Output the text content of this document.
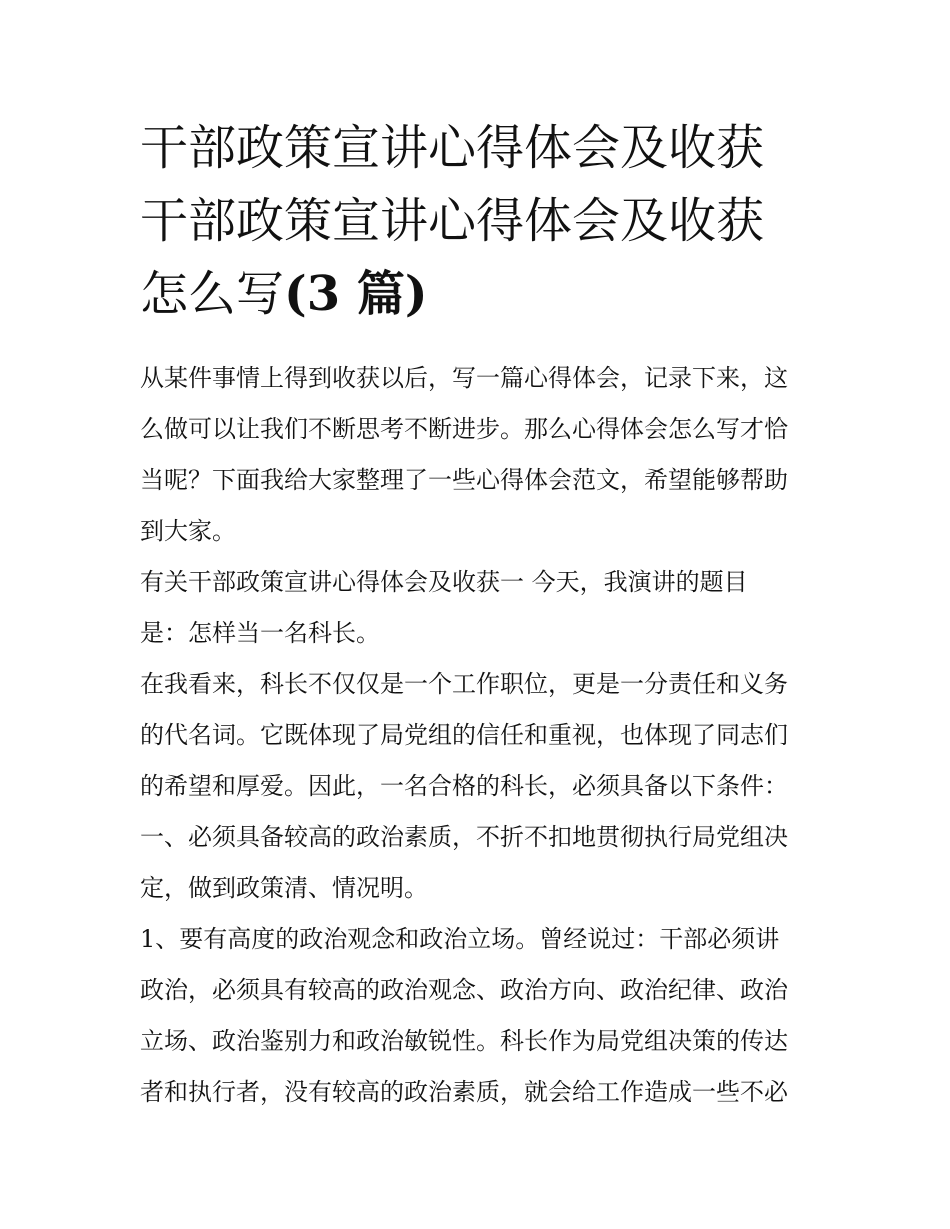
干部政策宣讲心得体会及收获
干部政策宣讲心得体会及收获
怎么写(3 篇)

从某件事情上得到收获以后，写一篇心得体会，记录下来，这
么做可以让我们不断思考不断进步。那么心得体会怎么写才恰
当呢？下面我给大家整理了一些心得体会范文，希望能够帮助
到大家。

有关干部政策宣讲心得体会及收获一 今天，我演讲的题目
是：怎样当一名科长。

在我看来，科长不仅仅是一个工作职位，更是一分责任和义务
的代名词。它既体现了局党组的信任和重视，也体现了同志们
的希望和厚爱。因此，一名合格的科长，必须具备以下条件：

一、必须具备较高的政治素质，不折不扣地贯彻执行局党组决
定，做到政策清、情况明。

1、要有高度的政治观念和政治立场。曾经说过：干部必须讲
政治，必须具有较高的政治观念、政治方向、政治纪律、政治
立场、政治鉴别力和政治敏锐性。科长作为局党组决策的传达
者和执行者，没有较高的政治素质，就会给工作造成一些不必
